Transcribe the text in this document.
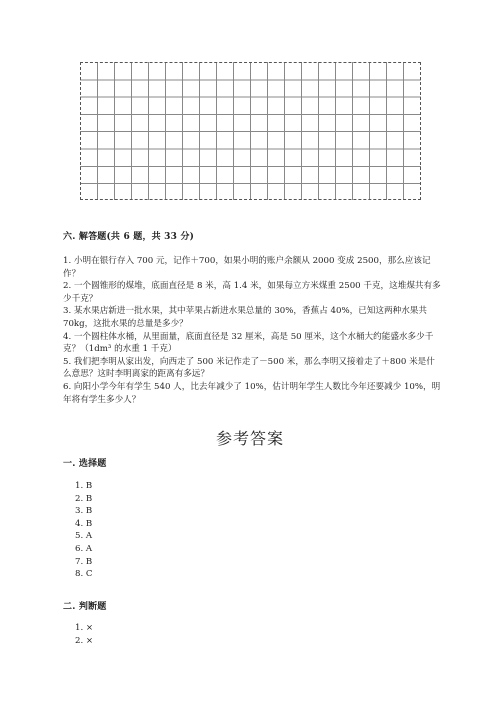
六. 解答题(共 6 题，共 33 分)

1. 小明在银行存入 700 元，记作＋700，如果小明的账户余额从 2000 变成 2500，那么应该记作？

2. 一个圆锥形的煤堆，底面直径是 8 米，高 1.4 米，如果每立方米煤重 2500 千克，这堆煤共有多少千克？

3. 某水果店新进一批水果，其中苹果占新进水果总量的 30%，香蕉占 40%，已知这两种水果共 70kg，这批水果的总量是多少？

4. 一个圆柱体水桶，从里面量，底面直径是 32 厘米，高是 50 厘米，这个水桶大约能盛水多少千克？（1dm³ 的水重 1 千克）

5. 我们把李明从家出发，向西走了 500 米记作走了－500 米，那么李明又接着走了＋800 米是什么意思？这时李明离家的距离有多远？

6. 向阳小学今年有学生 540 人，比去年减少了 10%，估计明年学生人数比今年还要减少 10%，明年将有学生多少人？

参考答案
一. 选择题
1. B
2. B
3. B
4. B
5. A
6. A
7. B
8. C
二. 判断题
1. ×
2. ×
